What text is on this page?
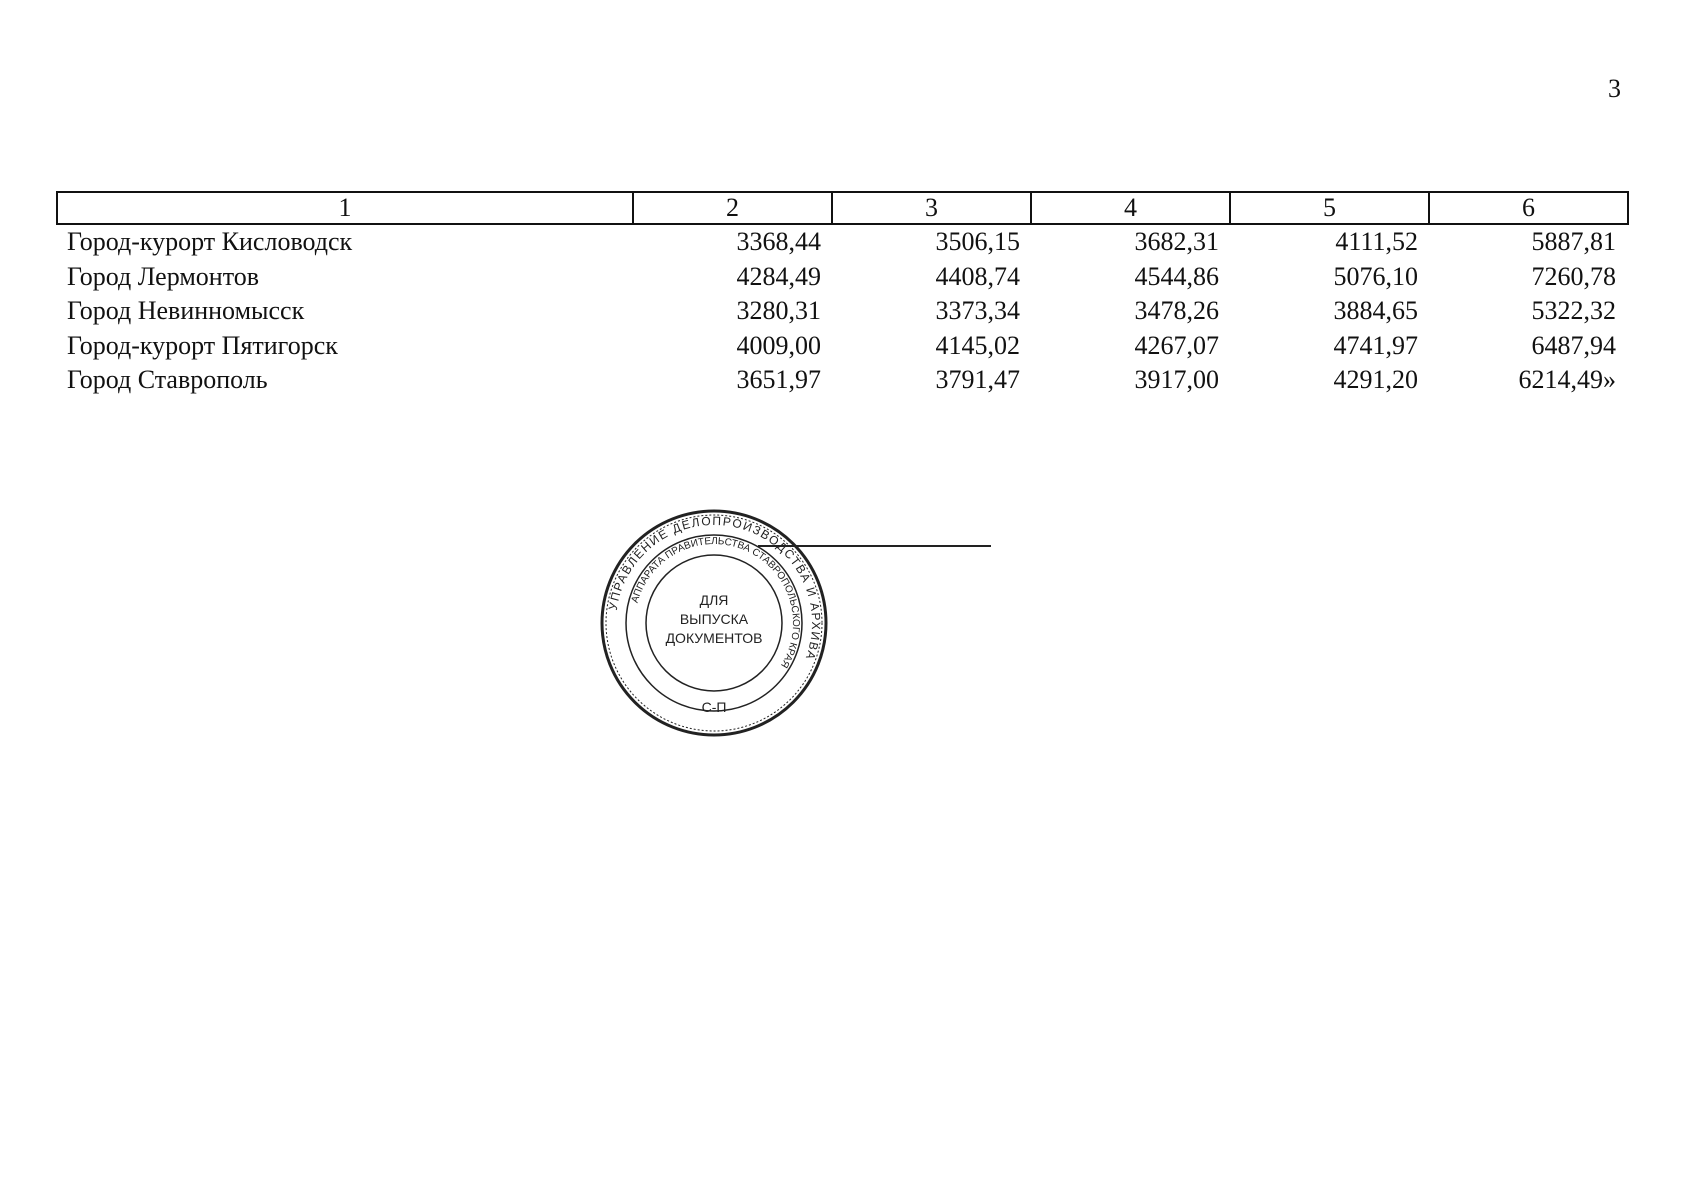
3
1	2	3	4	5	6
Город-курорт Кисловодск	3368,44	3506,15	3682,31	4111,52	5887,81
Город Лермонтов	4284,49	4408,74	4544,86	5076,10	7260,78
Город Невинномысск	3280,31	3373,34	3478,26	3884,65	5322,32
Город-курорт Пятигорск	4009,00	4145,02	4267,07	4741,97	6487,94
Город Ставрополь	3651,97	3791,47	3917,00	4291,20	6214,49»
УПРАВЛЕНИЕ ДЕЛОПРОИЗВОДСТВА И АРХИВА
АППАРАТА ПРАВИТЕЛЬСТВА СТАВРОПОЛЬСКОГО КРАЯ
ДЛЯ
ВЫПУСКА
ДОКУМЕНТОВ
С-П
